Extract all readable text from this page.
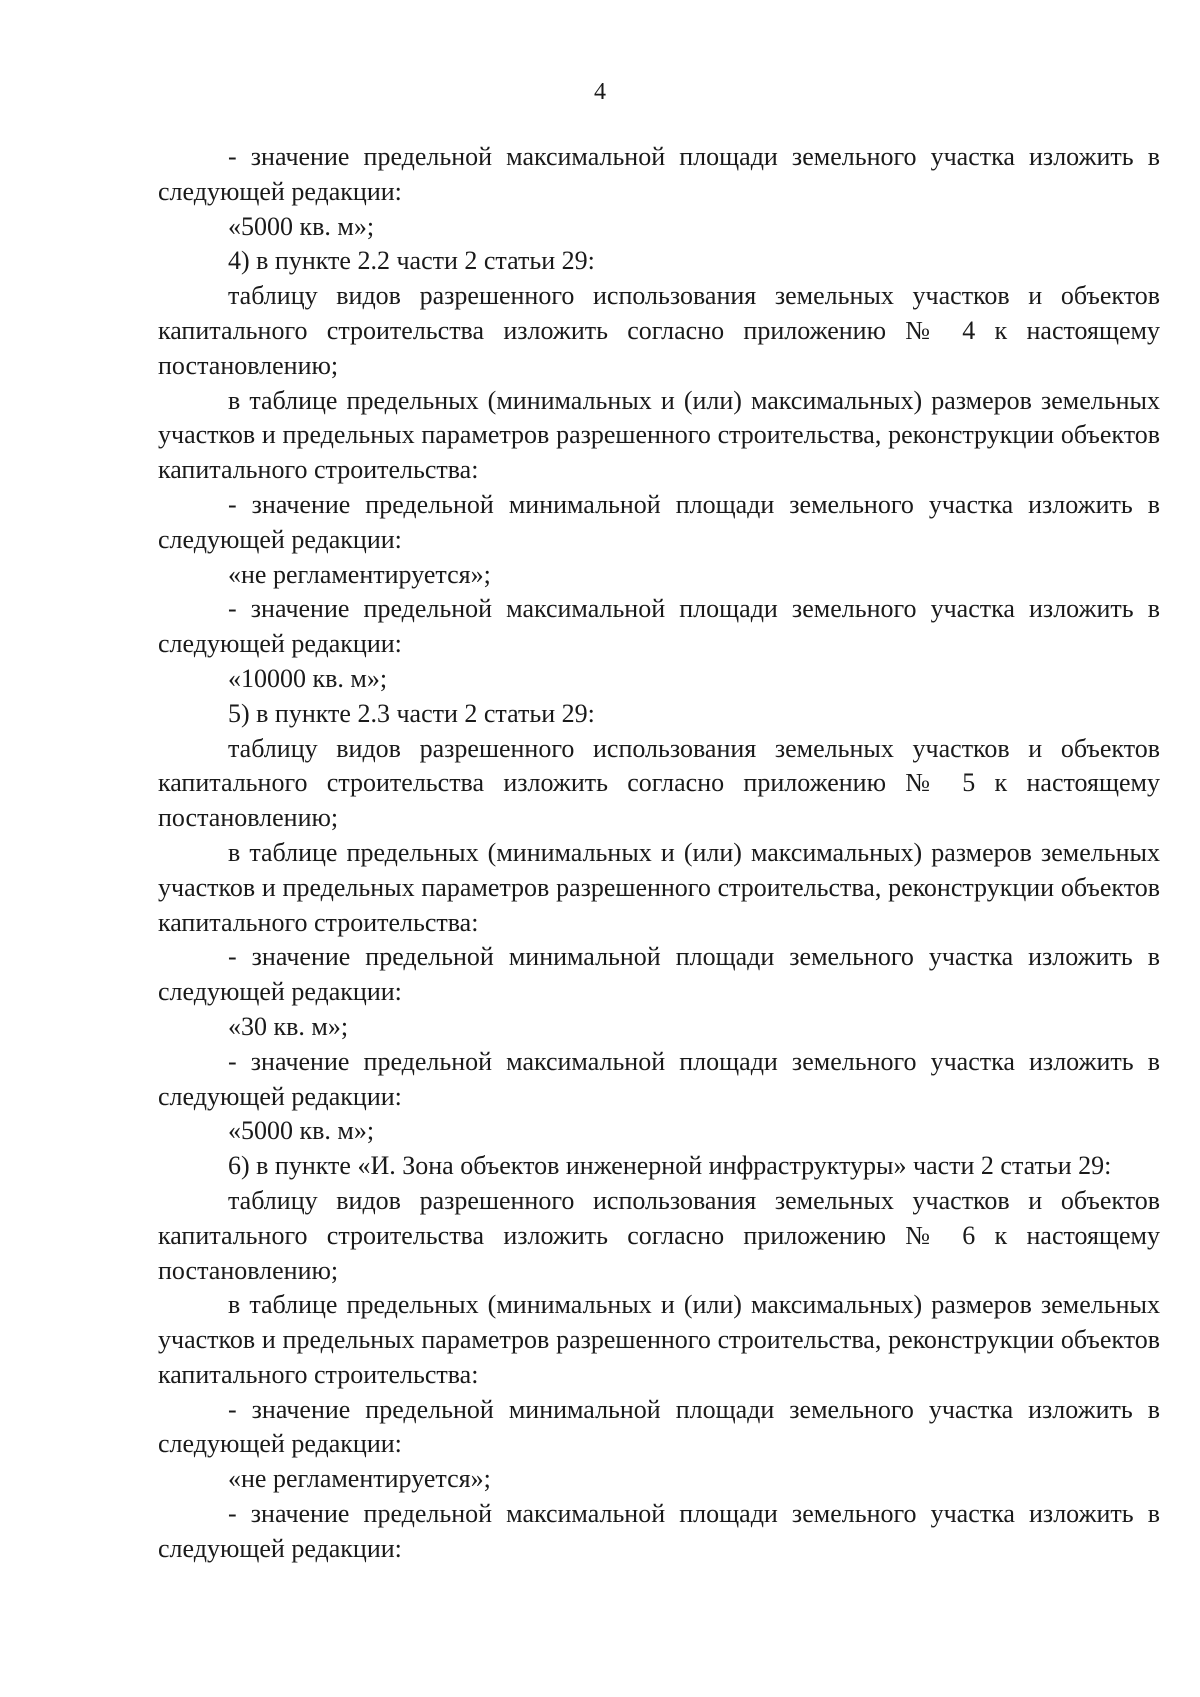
4

- значение предельной максимальной площади земельного участка изложить в следующей редакции:

«5000 кв. м»;

4) в пункте 2.2 части 2 статьи 29:

таблицу видов разрешенного использования земельных участков и объектов капитального строительства изложить согласно приложению № 4 к настоящему постановлению;

в таблице предельных (минимальных и (или) максимальных) размеров земельных участков и предельных параметров разрешенного строительства, реконструкции объектов капитального строительства:

- значение предельной минимальной площади земельного участка изложить в следующей редакции:

«не регламентируется»;

- значение предельной максимальной площади земельного участка изложить в следующей редакции:

«10000 кв. м»;

5) в пункте 2.3 части 2 статьи 29:

таблицу видов разрешенного использования земельных участков и объектов капитального строительства изложить согласно приложению № 5 к настоящему постановлению;

в таблице предельных (минимальных и (или) максимальных) размеров земельных участков и предельных параметров разрешенного строительства, реконструкции объектов капитального строительства:

- значение предельной минимальной площади земельного участка изложить в следующей редакции:

«30 кв. м»;

- значение предельной максимальной площади земельного участка изложить в следующей редакции:

«5000 кв. м»;

6) в пункте «И. Зона объектов инженерной инфраструктуры» части 2 статьи 29:

таблицу видов разрешенного использования земельных участков и объектов капитального строительства изложить согласно приложению № 6 к настоящему постановлению;

в таблице предельных (минимальных и (или) максимальных) размеров земельных участков и предельных параметров разрешенного строительства, реконструкции объектов капитального строительства:

- значение предельной минимальной площади земельного участка изложить в следующей редакции:

«не регламентируется»;

- значение предельной максимальной площади земельного участка изложить в следующей редакции:
